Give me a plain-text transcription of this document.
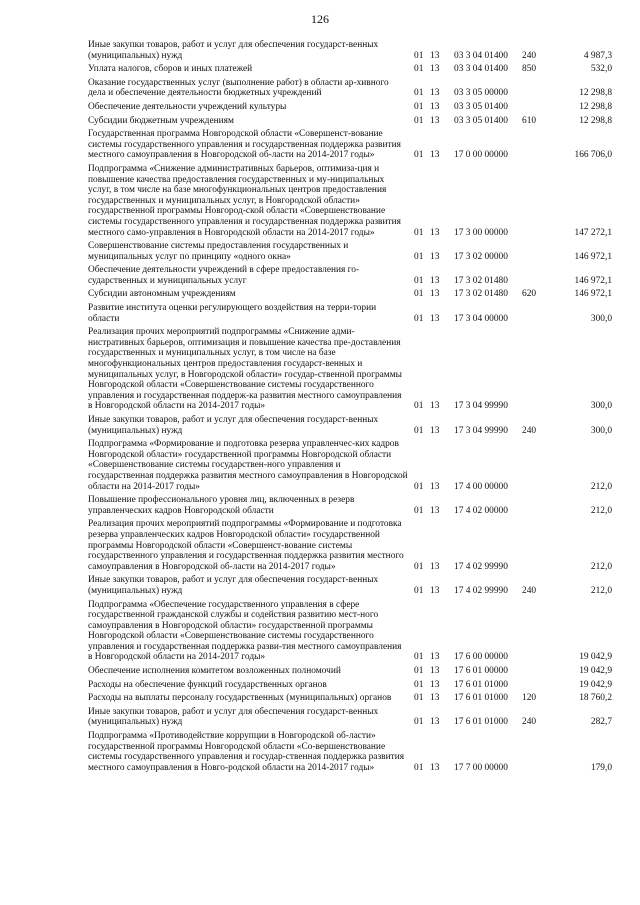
126
Иные закупки товаров, работ и услуг для обеспечения государст-венных (муниципальных) нужд	01 13	03 3 04 01400	240	4 987,3
Уплата налогов, сборов и иных платежей	01 13	03 3 04 01400	850	532,0
Оказание государственных услуг (выполнение работ) в области ар-хивного дела и обеспечение деятельности бюджетных учреждений	01 13	03 3 05 00000	12 298,8
Обеспечение деятельности учреждений культуры	01 13	03 3 05 01400	12 298,8
Субсидии бюджетным учреждениям	01 13	03 3 05 01400	610	12 298,8
Государственная программа Новгородской области «Совершенст-вование системы государственного управления и государственная поддержка развития местного самоуправления в Новгородской об-ласти на 2014-2017 годы»	01 13	17 0 00 00000	166 706,0
Подпрограмма «Снижение административных барьеров, оптимиза-ция и повышение качества предоставления государственных и му-ниципальных услуг, в том числе на базе многофункциональных центров предоставления государственных и муниципальных услуг, в Новгородской области» государственной программы Новгород-ской области «Совершенствование системы государственного управления и государственная поддержка развития местного само-управления в Новгородской области на 2014-2017 годы»	01 13	17 3 00 00000	147 272,1
Совершенствование системы предоставления государственных и муниципальных услуг по принципу «одного окна»	01 13	17 3 02 00000	146 972,1
Обеспечение деятельности учреждений в сфере предоставления го-сударственных и муниципальных услуг	01 13	17 3 02 01480	146 972,1
Субсидии автономным учреждениям	01 13	17 3 02 01480	620	146 972,1
Развитие института оценки регулирующего воздействия на терри-тории области	01 13	17 3 04 00000	300,0
Реализация прочих мероприятий подпрограммы «Снижение адми-нистративных барьеров, оптимизация и повышение качества пре-доставления государственных и муниципальных услуг, в том числе на базе многофункциональных центров предоставления государст-венных и муниципальных услуг, в Новгородской области» государ-ственной программы Новгородской области «Совершенствование системы государственного управления и государственная поддерж-ка развития местного самоуправления в Новгородской области на 2014-2017 годы»	01 13	17 3 04 99990	300,0
Иные закупки товаров, работ и услуг для обеспечения государст-венных (муниципальных) нужд	01 13	17 3 04 99990	240	300,0
Подпрограмма «Формирование и подготовка резерва управленчес-ких кадров Новгородской области» государственной программы Новгородской области «Совершенствование системы государствен-ного управления и государственная поддержка развития местного самоуправления в Новгородской области на 2014-2017 годы»	01 13	17 4 00 00000	212,0
Повышение профессионального уровня лиц, включенных в резерв управленческих кадров Новгородской области	01 13	17 4 02 00000	212,0
Реализация прочих мероприятий подпрограммы «Формирование и подготовка резерва управленческих кадров Новгородской области» государственной программы Новгородской области «Совершенст-вование системы государственного управления и государственная поддержка развития местного самоуправления в Новгородской об-ласти на 2014-2017 годы»	01 13	17 4 02 99990	212,0
Иные закупки товаров, работ и услуг для обеспечения государст-венных (муниципальных) нужд	01 13	17 4 02 99990	240	212,0
Подпрограмма «Обеспечение государственного управления в сфере государственной гражданской службы и содействия развитию мест-ного самоуправления в Новгородской области» государственной программы Новгородской области «Совершенствование системы государственного управления и государственная поддержка разви-тия местного самоуправления в Новгородской области на 2014-2017 годы»	01 13	17 6 00 00000	19 042,9
Обеспечение исполнения комитетом возложенных полномочий	01 13	17 6 01 00000	19 042,9
Расходы на обеспечение функций государственных органов	01 13	17 6 01 01000	19 042,9
Расходы на выплаты персоналу государственных (муниципальных) органов	01 13	17 6 01 01000	120	18 760,2
Иные закупки товаров, работ и услуг для обеспечения государст-венных (муниципальных) нужд	01 13	17 6 01 01000	240	282,7
Подпрограмма «Противодействие коррупции в Новгородской об-ласти» государственной программы Новгородской области «Со-вершенствование системы государственного управления и государ-ственная поддержка развития местного самоуправления в Новго-родской области на 2014-2017 годы»	01 13	17 7 00 00000	179,0
